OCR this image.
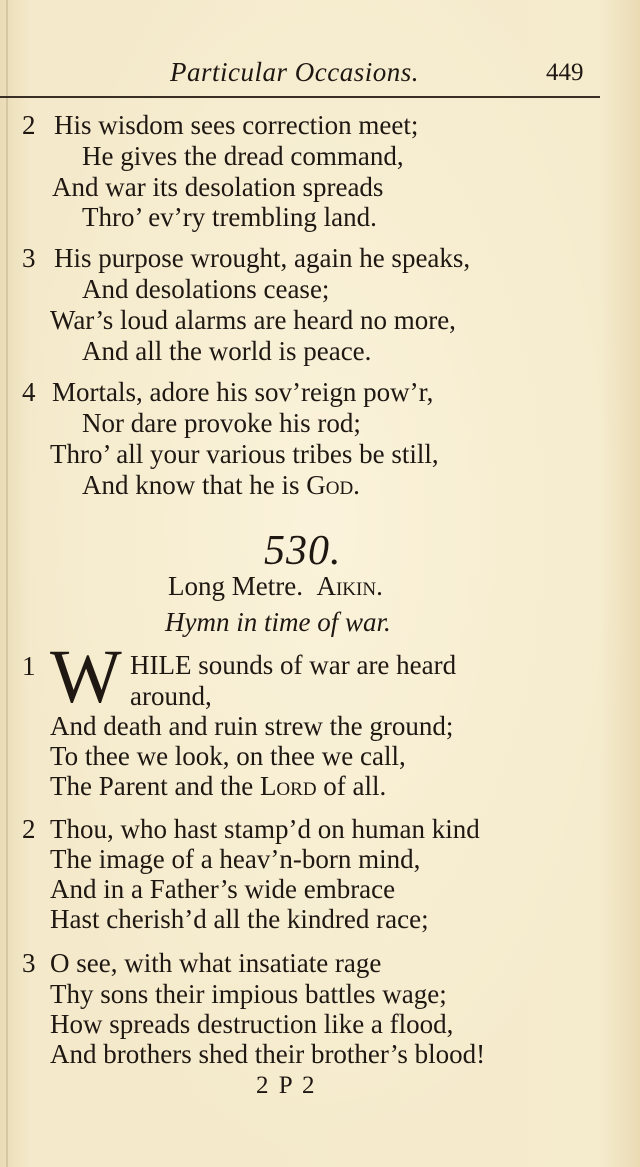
Particular Occasions.	449
2 His wisdom sees correction meet;
He gives the dread command,
And war its desolation spreads
Thro’ ev’ry trembling land.
3 His purpose wrought, again he speaks,
And desolations cease;
War’s loud alarms are heard no more,
And all the world is peace.
4 Mortals, adore his sov’reign pow’r,
Nor dare provoke his rod;
Thro’ all your various tribes be still,
And know that he is God.
530.
Long Metre. Aikin.
Hymn in time of war.
1 W HILE sounds of war are heard
around,
And death and ruin strew the ground;
To thee we look, on thee we call,
The Parent and the Lord of all.
2 Thou, who hast stamp’d on human kind
The image of a heav’n-born mind,
And in a Father’s wide embrace
Hast cherish’d all the kindred race;
3 O see, with what insatiate rage
Thy sons their impious battles wage;
How spreads destruction like a flood,
And brothers shed their brother’s blood!
2 P 2
